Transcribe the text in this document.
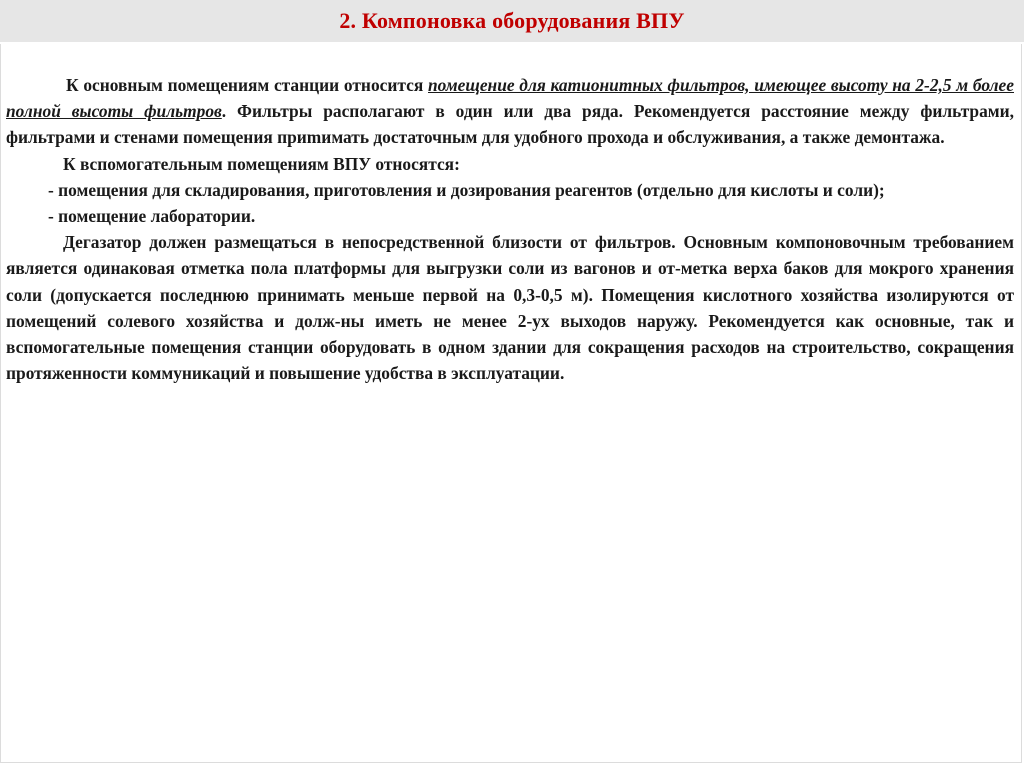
2. Компоновка оборудования ВПУ

К основным помещениям станции относится помещение для катионитных фильтров, имеющее высоту на 2-2,5 м более полной высоты фильтров. Фильтры располагают в один или два ряда. Рекомендуется расстояние между фильтрами, фильтрами и стенами помещения приmимать достаточным для удобного прохода и обслуживания, а также демонтажа.

К вспомогательным помещениям ВПУ относятся:

- помещения для складирования, приготовления и дозирования реагентов (отдельно для кислоты и соли);

- помещение лаборатории.

Дегазатор должен размещаться в непосредственной близости от фильтров. Основным компоновочным требованием является одинаковая отметка пола платформы для выгрузки соли из вагонов и от-метка верха баков для мокрого хранения соли (допускается последнюю принимать меньше первой на 0,3-0,5 м). Помещения кислотного хозяйства изолируются от помещений солевого хозяйства и долж-ны иметь не менее 2-ух выходов наружу. Рекомендуется как основные, так и вспомогательные помещения станции оборудовать в одном здании для сокращения расходов на строительство, сокращения протяженности коммуникаций и повышение удобства в эксплуатации.
